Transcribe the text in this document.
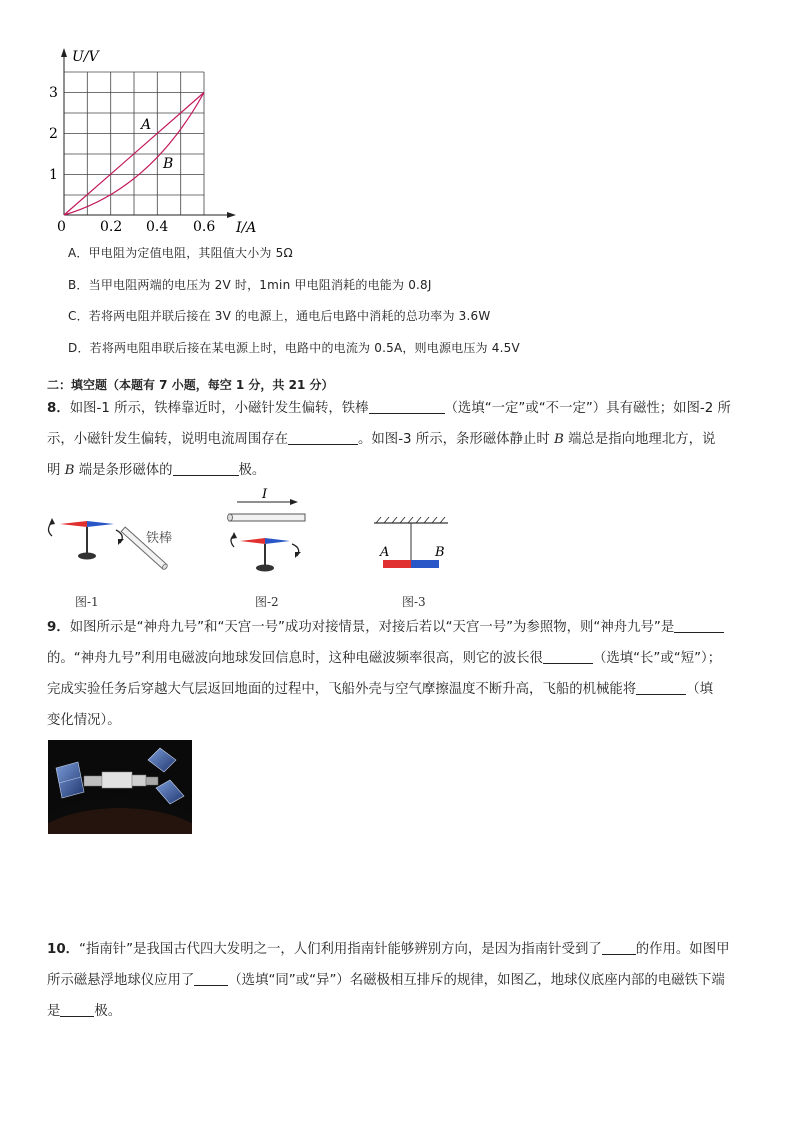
U/V
I/A
0
1
2
3
0.2 0.4 0.6
A
B
A．甲电阻为定值电阻，其阻值大小为 5Ω
B．当甲电阻两端的电压为 2V 时，1min 甲电阻消耗的电能为 0.8J
C．若将两电阻并联后接在 3V 的电源上，通电后电路中消耗的总功率为 3.6W
D．若将两电阻串联后接在某电源上时，电路中的电流为 0.5A，则电源电压为 4.5V
二：填空题（本题有 7 小题，每空 1 分，共 21 分）

8．如图-1 所示，铁棒靠近时，小磁针发生偏转，铁棒	（选填“一定”或“不一定”）具有磁性；如图-2 所

示，小磁针发生偏转，说明电流周围存在	。如图-3 所示，条形磁体静止时 B 端总是指向地理北方，说

明 B 端是条形磁体的	极。

铁棒
I
A	B
图-1	图-2	图-3

9．如图所示是“神舟九号”和“天宫一号”成功对接情景，对接后若以“天宫一号”为参照物，则“神舟九号”是

的。“神舟九号”利用电磁波向地球发回信息时，这种电磁波频率很高，则它的波长很	（选填“长”或“短”）；

完成实验任务后穿越大气层返回地面的过程中，飞船外壳与空气摩擦温度不断升高，飞船的机械能将	（填

变化情况）。

10．“指南针”是我国古代四大发明之一，人们利用指南针能够辨别方向，是因为指南针受到了	的作用。如图甲

所示磁悬浮地球仪应用了	（选填“同”或“异”）名磁极相互排斥的规律，如图乙，地球仪底座内部的电磁铁下端

是	极。
